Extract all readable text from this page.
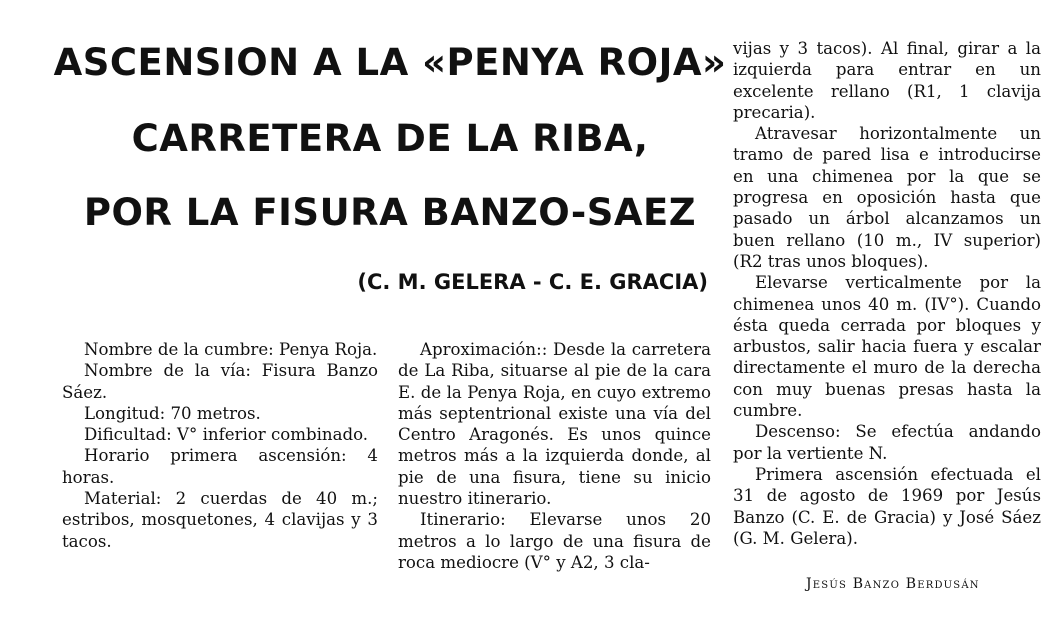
ASCENSION A LA «PENYA ROJA»
CARRETERA DE LA RIBA,
POR LA FISURA BANZO-SAEZ
(C. M. GELERA - C. E. GRACIA)

Nombre de la cumbre: Penya Roja.

Nombre de la vía: Fisura Banzo Sáez.

Longitud: 70 metros.

Dificultad: V° inferior combinado.

Horario primera ascensión: 4 horas.

Material: 2 cuerdas de 40 m.; estribos, mosquetones, 4 clavijas y 3 tacos.

Aproximación:: Desde la carretera de La Riba, situarse al pie de la cara E. de la Penya Roja, en cuyo extremo más septentrional existe una vía del Centro Aragonés. Es unos quince metros más a la izquierda donde, al pie de una fisura, tiene su inicio nuestro itinerario.

Itinerario: Elevarse unos 20 metros a lo largo de una fisura de roca mediocre (V° y A2, 3 cla-

vijas y 3 tacos). Al final, girar a la izquierda para entrar en un excelente rellano (R1, 1 clavija precaria).

Atravesar horizontalmente un tramo de pared lisa e introducirse en una chimenea por la que se progresa en oposición hasta que pasado un árbol alcanzamos un buen rellano (10 m., IV superior) (R2 tras unos bloques).

Elevarse verticalmente por la chimenea unos 40 m. (IV°). Cuando ésta queda cerrada por bloques y arbustos, salir hacia fuera y escalar directamente el muro de la derecha con muy buenas presas hasta la cumbre.

Descenso: Se efectúa andando por la vertiente N.

Primera ascensión efectuada el 31 de agosto de 1969 por Jesús Banzo (C. E. de Gracia) y José Sáez (G. M. Gelera).

Jesús Banzo Berdusán
